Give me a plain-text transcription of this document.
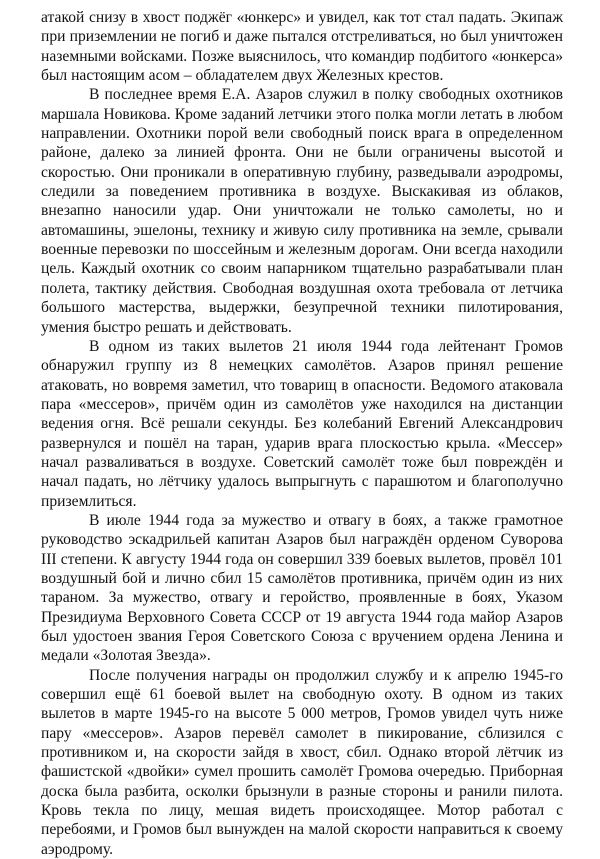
атакой снизу в хвост поджёг «юнкерс» и увидел, как тот стал падать. Экипаж при приземлении не погиб и даже пытался отстреливаться, но был уничтожен наземными войсками. Позже выяснилось, что командир подбитого «юнкерса» был настоящим асом – обладателем двух Железных крестов.

В последнее время Е.А. Азаров служил в полку свободных охотников маршала Новикова. Кроме заданий летчики этого полка могли летать в любом направлении. Охотники порой вели свободный поиск врага в определенном районе, далеко за линией фронта. Они не были ограничены высотой и скоростью. Они проникали в оперативную глубину, разведывали аэродромы, следили за поведением противника в воздухе. Выскакивая из облаков, внезапно наносили удар. Они уничтожали не только самолеты, но и автомашины, эшелоны, технику и живую силу противника на земле, срывали военные перевозки по шоссейным и железным дорогам. Они всегда находили цель. Каждый охотник со своим напарником тщательно разрабатывали план полета, тактику действия. Свободная воздушная охота требовала от летчика большого мастерства, выдержки, безупречной техники пилотирования, умения быстро решать и действовать.

В одном из таких вылетов 21 июля 1944 года лейтенант Громов обнаружил группу из 8 немецких самолётов. Азаров принял решение атаковать, но вовремя заметил, что товарищ в опасности. Ведомого атаковала пара «мессеров», причём один из самолётов уже находился на дистанции ведения огня. Всё решали секунды. Без колебаний Евгений Александрович развернулся и пошёл на таран, ударив врага плоскостью крыла. «Мессер» начал разваливаться в воздухе. Советский самолёт тоже был повреждён и начал падать, но лётчику удалось выпрыгнуть с парашютом и благополучно приземлиться.

В июле 1944 года за мужество и отвагу в боях, а также грамотное руководство эскадрильей капитан Азаров был награждён орденом Суворова III степени. К августу 1944 года он совершил 339 боевых вылетов, провёл 101 воздушный бой и лично сбил 15 самолётов противника, причём один из них тараном. За мужество, отвагу и геройство, проявленные в боях, Указом Президиума Верховного Совета СССР от 19 августа 1944 года майор Азаров был удостоен звания Героя Советского Союза с вручением ордена Ленина и медали «Золотая Звезда».

После получения награды он продолжил службу и к апрелю 1945-го совершил ещё 61 боевой вылет на свободную охоту. В одном из таких вылетов в марте 1945-го на высоте 5 000 метров, Громов увидел чуть ниже пару «мессеров». Азаров перевёл самолет в пикирование, сблизился с противником и, на скорости зайдя в хвост, сбил. Однако второй лётчик из фашистской «двойки» сумел прошить самолёт Громова очередью. Приборная доска была разбита, осколки брызнули в разные стороны и ранили пилота. Кровь текла по лицу, мешая видеть происходящее. Мотор работал с перебоями, и Громов был вынужден на малой скорости направиться к своему аэродрому.
